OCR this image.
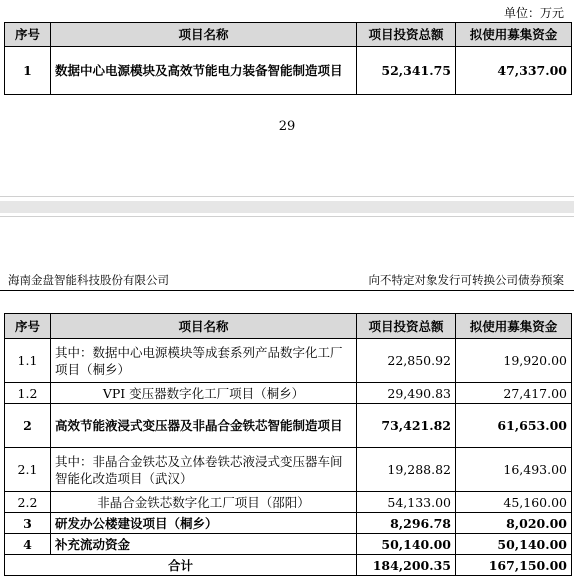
单位：万元
序号	项目名称	项目投资总额	拟使用募集资金
1	数据中心电源模块及高效节能电力装备智能制造项目	52,341.75	47,337.00
29
海南金盘智能科技股份有限公司	向不特定对象发行可转换公司债券预案
序号	项目名称	项目投资总额	拟使用募集资金
1.1	其中：数据中心电源模块等成套系列产品数字化工厂项目（桐乡）	22,850.92	19,920.00
1.2	VPI 变压器数字化工厂项目（桐乡）	29,490.83	27,417.00
2	高效节能液浸式变压器及非晶合金铁芯智能制造项目	73,421.82	61,653.00
2.1	其中：非晶合金铁芯及立体卷铁芯液浸式变压器车间智能化改造项目（武汉）	19,288.82	16,493.00
2.2	非晶合金铁芯数字化工厂项目（邵阳）	54,133.00	45,160.00
3	研发办公楼建设项目（桐乡）	8,296.78	8,020.00
4	补充流动资金	50,140.00	50,140.00
合计		184,200.35	167,150.00
